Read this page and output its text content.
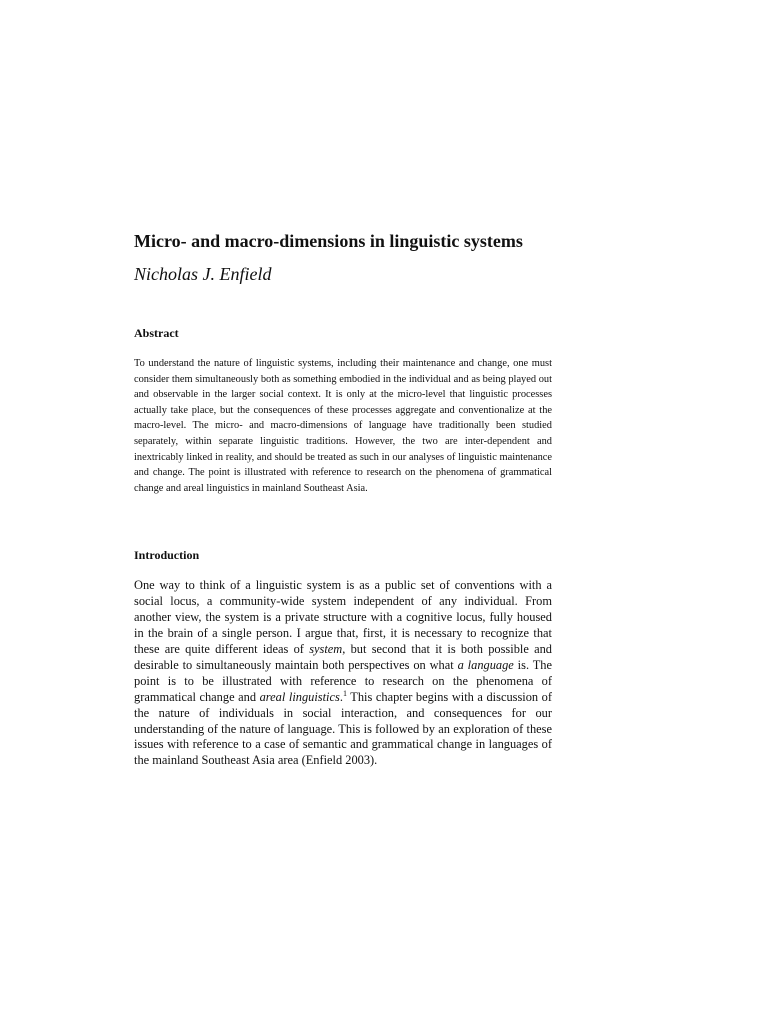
Micro- and macro-dimensions in linguistic systems
Nicholas J. Enfield
Abstract

To understand the nature of linguistic systems, including their maintenance and change, one must consider them simultaneously both as something embodied in the individual and as being played out and observable in the larger social context. It is only at the micro-level that linguistic processes actually take place, but the consequences of these processes aggregate and conventionalize at the macro-level. The micro- and macro-dimensions of language have traditionally been studied separately, within separate linguistic traditions. However, the two are inter-dependent and inextricably linked in reality, and should be treated as such in our analyses of linguistic maintenance and change. The point is illustrated with reference to research on the phenomena of grammatical change and areal linguistics in mainland Southeast Asia.

Introduction

One way to think of a linguistic system is as a public set of conventions with a social locus, a community-wide system independent of any individual. From another view, the system is a private structure with a cognitive locus, fully housed in the brain of a single person. I argue that, first, it is necessary to recognize that these are quite different ideas of system, but second that it is both possible and desirable to simultaneously maintain both perspectives on what a language is. The point is to be illustrated with reference to research on the phenomena of grammatical change and areal linguistics.$^1$ This chapter begins with a discussion of the nature of individuals in social interaction, and consequences for our understanding of the nature of language. This is followed by an exploration of these issues with reference to a case of semantic and grammatical change in languages of the mainland Southeast Asia area (Enfield 2003).
